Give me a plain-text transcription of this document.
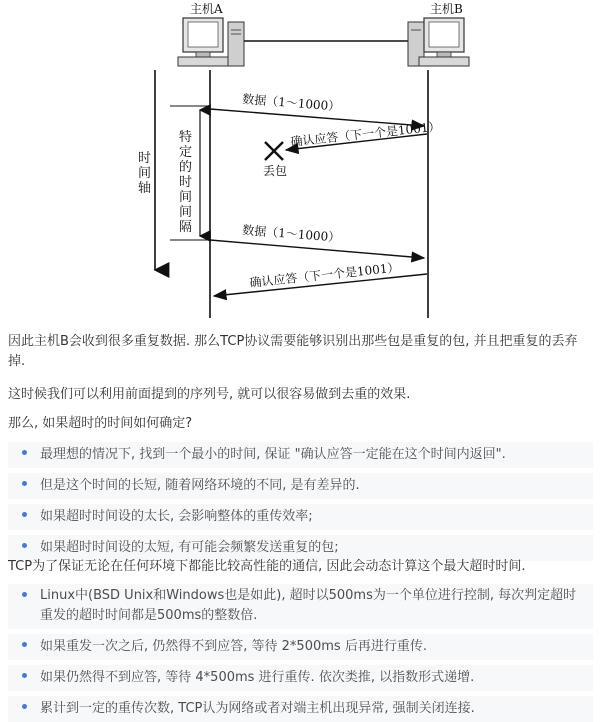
主机A	主机B
时 间 轴
特 定 的 时 间 间 隔
数据（1～1000）
确认应答（下一个是1001）
丢包
数据（1～1000）
确认应答（下一个是1001）

因此主机B会收到很多重复数据. 那么TCP协议需要能够识别出那些包是重复的包, 并且把重复的丢弃掉.

这时候我们可以利用前面提到的序列号, 就可以很容易做到去重的效果.

那么, 如果超时的时间如何确定?

最理想的情况下, 找到一个最小的时间, 保证 "确认应答一定能在这个时间内返回".
但是这个时间的长短, 随着网络环境的不同, 是有差异的.
如果超时时间设的太长, 会影响整体的重传效率;
如果超时时间设的太短, 有可能会频繁发送重复的包;

TCP为了保证无论在任何环境下都能比较高性能的通信, 因此会动态计算这个最大超时时间.

Linux中(BSD Unix和Windows也是如此), 超时以500ms为一个单位进行控制, 每次判定超时重发的超时时间都是500ms的整数倍.
如果重发一次之后, 仍然得不到应答, 等待 2*500ms 后再进行重传.
如果仍然得不到应答, 等待 4*500ms 进行重传. 依次类推, 以指数形式递增.
累计到一定的重传次数, TCP认为网络或者对端主机出现异常, 强制关闭连接.
